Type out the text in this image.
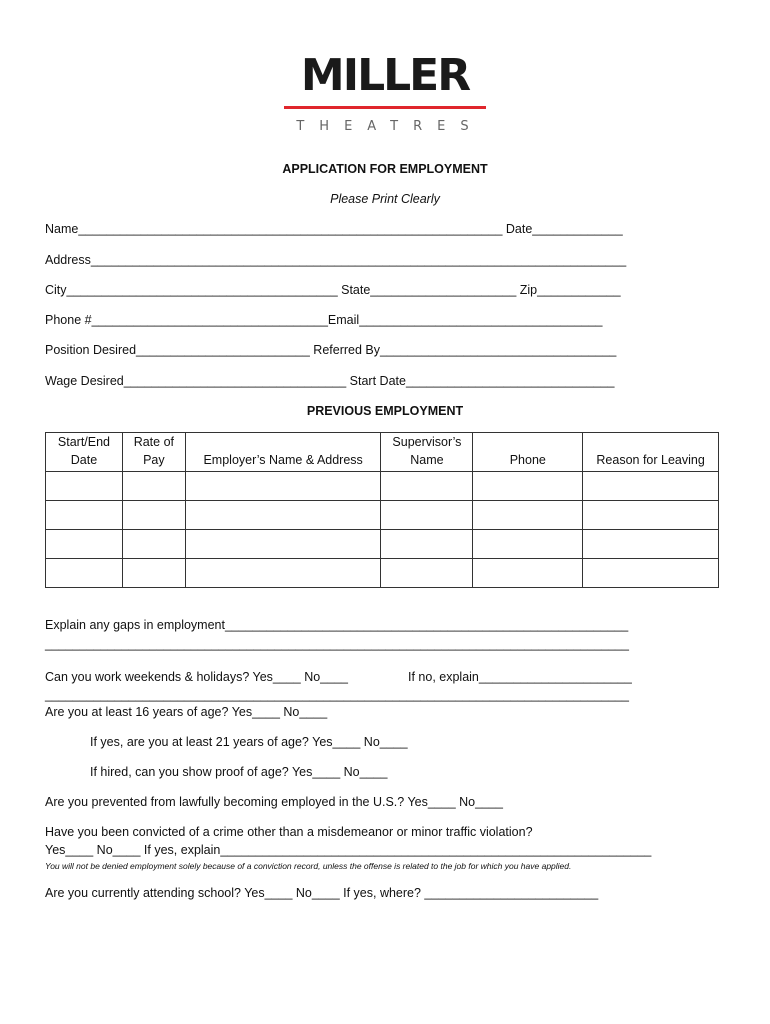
MILLER
THEATRES
APPLICATION FOR EMPLOYMENT
Please Print Clearly
Name_____________________________________________________________ Date_____________
Address_____________________________________________________________________________
City_______________________________________ State_____________________ Zip____________
Phone #__________________________________Email___________________________________
Position Desired_________________________ Referred By__________________________________
Wage Desired________________________________ Start Date______________________________
PREVIOUS EMPLOYMENT
Start/End Date	Rate of Pay	Employer’s Name & Address	Supervisor’s Name	Phone	Reason for Leaving

Explain any gaps in employment__________________________________________________________
____________________________________________________________________________________
Can you work weekends & holidays? Yes____ No____	If no, explain______________________
____________________________________________________________________________________
Are you at least 16 years of age? Yes____ No____
If yes, are you at least 21 years of age? Yes____ No____
If hired, can you show proof of age? Yes____ No____
Are you prevented from lawfully becoming employed in the U.S.? Yes____ No____
Have you been convicted of a crime other than a misdemeanor or minor traffic violation?
Yes____ No____ If yes, explain______________________________________________________________
You will not be denied employment solely because of a conviction record, unless the offense is related to the job for which you have applied.
Are you currently attending school? Yes____ No____ If yes, where? _________________________
